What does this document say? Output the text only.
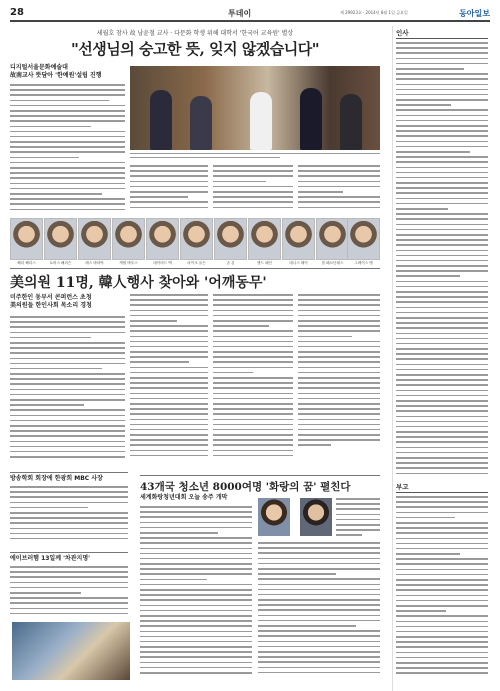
28	투데이	제 29923호 · 2014년 8월 1일 금요일	동아일보
세월호 참사 故 남윤철 교사 · 다문화 학생 위해 대학서 '한국어 교육원' 별상
"선생님의 숭고한 뜻, 잊지 않겠습니다"
디지털서울문화예술대
故南교사 뜻담아 '한예원'설립 진행
해리 해리스	토머스 해리슨	레스 바라야	캐럴 바우스	데이비드 맥	마이크 올슨	존 김	앤드 페인	데니스 헤이	빌 페르난데스	그레이스 맹
美의원 11명, 韓人행사 찾아와 '어깨동무'
미주한인 동부서 콘퍼런스 초청
美의원들 한인사회 목소리 경청
방송학회 회장에 한광희 MBC 사장
에이브러햄 13일께 '차관지명'
43개국 청소년 8000여명 '화랑의 꿈' 펼친다
세계화랑청년대회 오늘 송주 개막
인사
부고
